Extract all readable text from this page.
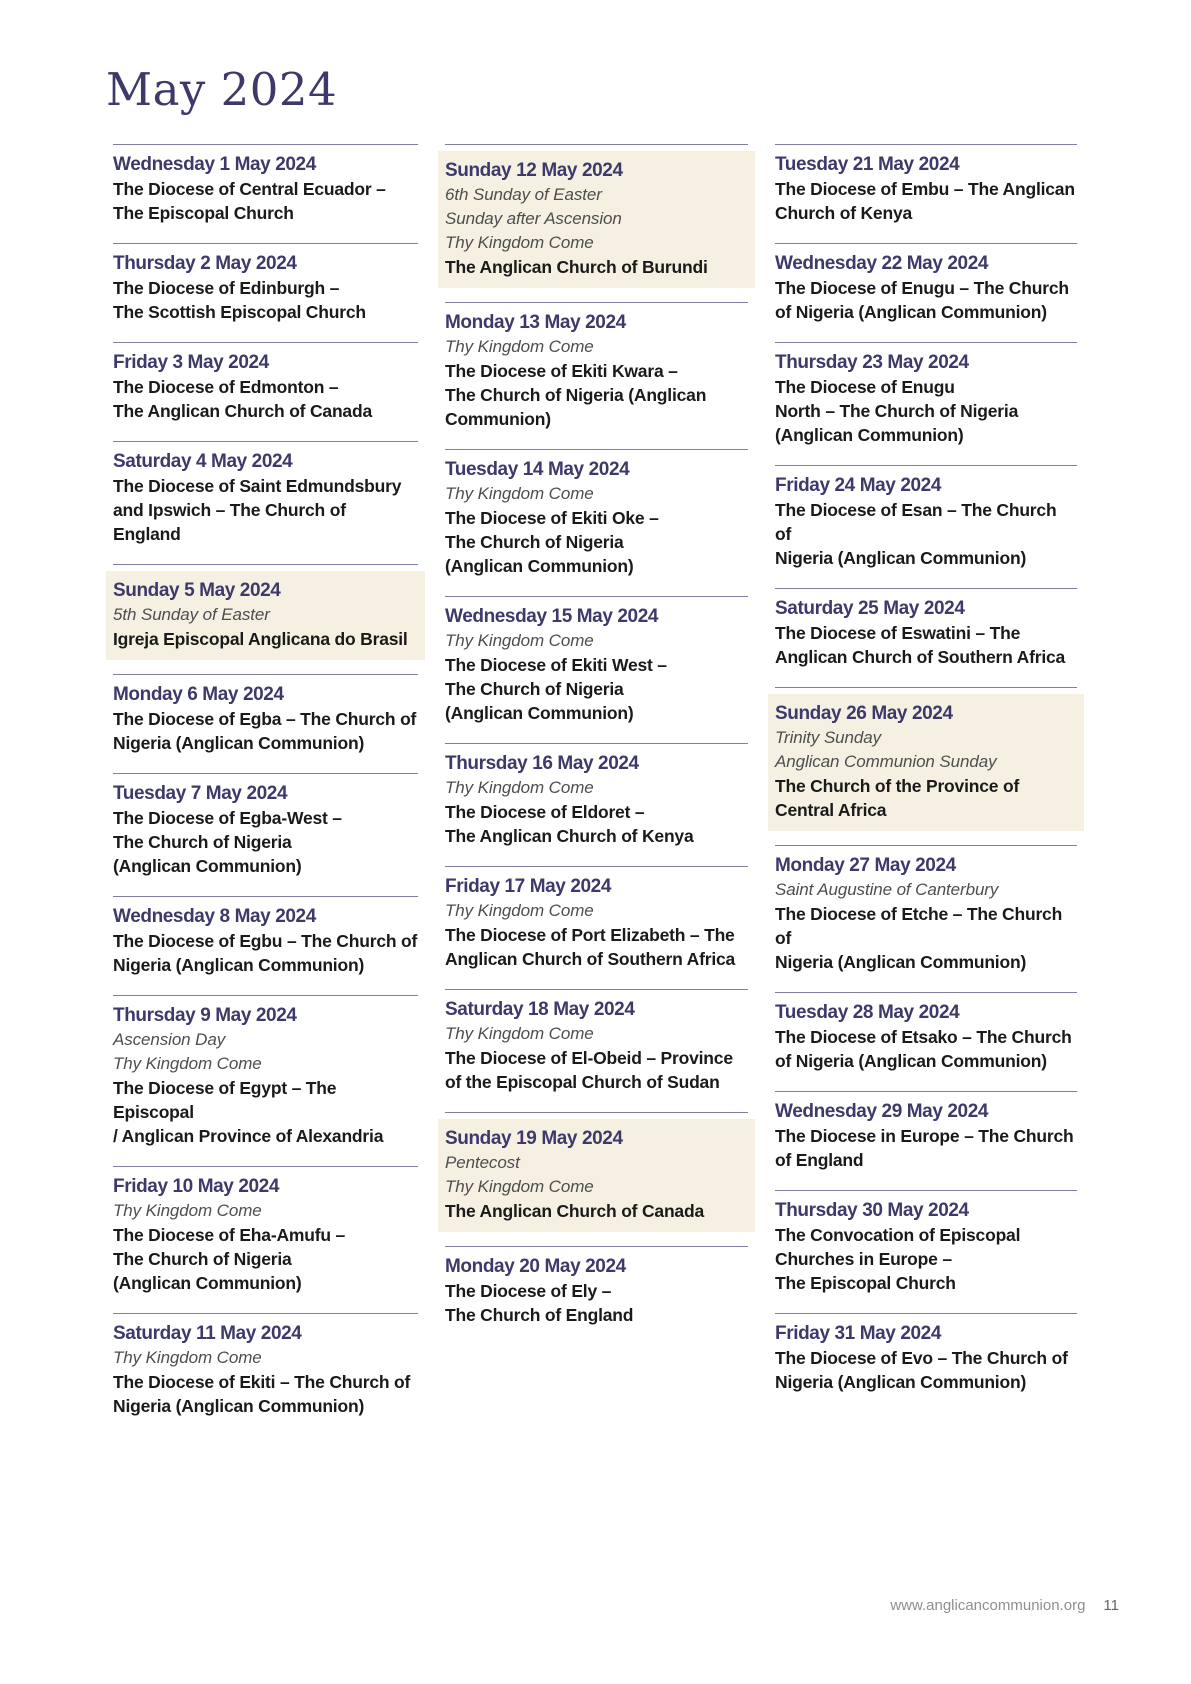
May 2024
Wednesday 1 May 2024
The Diocese of Central Ecuador –
The Episcopal Church
Thursday 2 May 2024
The Diocese of Edinburgh –
The Scottish Episcopal Church
Friday 3 May 2024
The Diocese of Edmonton –
The Anglican Church of Canada
Saturday 4 May 2024
The Diocese of Saint Edmundsbury
and Ipswich – The Church of England
Sunday 5 May 2024
5th Sunday of Easter
Igreja Episcopal Anglicana do Brasil
Monday 6 May 2024
The Diocese of Egba – The Church of
Nigeria (Anglican Communion)
Tuesday 7 May 2024
The Diocese of Egba-West –
The Church of Nigeria
(Anglican Communion)
Wednesday 8 May 2024
The Diocese of Egbu – The Church of
Nigeria (Anglican Communion)
Thursday 9 May 2024
Ascension Day
Thy Kingdom Come
The Diocese of Egypt – The Episcopal
/ Anglican Province of Alexandria
Friday 10 May 2024
Thy Kingdom Come
The Diocese of Eha-Amufu –
The Church of Nigeria
(Anglican Communion)
Saturday 11 May 2024
Thy Kingdom Come
The Diocese of Ekiti – The Church of
Nigeria (Anglican Communion)
Sunday 12 May 2024
6th Sunday of Easter
Sunday after Ascension
Thy Kingdom Come
The Anglican Church of Burundi
Monday 13 May 2024
Thy Kingdom Come
The Diocese of Ekiti Kwara –
The Church of Nigeria (Anglican
Communion)
Tuesday 14 May 2024
Thy Kingdom Come
The Diocese of Ekiti Oke –
The Church of Nigeria
(Anglican Communion)
Wednesday 15 May 2024
Thy Kingdom Come
The Diocese of Ekiti West –
The Church of Nigeria
(Anglican Communion)
Thursday 16 May 2024
Thy Kingdom Come
The Diocese of Eldoret –
The Anglican Church of Kenya
Friday 17 May 2024
Thy Kingdom Come
The Diocese of Port Elizabeth – The
Anglican Church of Southern Africa
Saturday 18 May 2024
Thy Kingdom Come
The Diocese of El-Obeid – Province
of the Episcopal Church of Sudan
Sunday 19 May 2024
Pentecost
Thy Kingdom Come
The Anglican Church of Canada
Monday 20 May 2024
The Diocese of Ely –
The Church of England
Tuesday 21 May 2024
The Diocese of Embu – The Anglican
Church of Kenya
Wednesday 22 May 2024
The Diocese of Enugu – The Church
of Nigeria (Anglican Communion)
Thursday 23 May 2024
The Diocese of Enugu
North – The Church of Nigeria
(Anglican Communion)
Friday 24 May 2024
The Diocese of Esan – The Church of
Nigeria (Anglican Communion)
Saturday 25 May 2024
The Diocese of Eswatini – The
Anglican Church of Southern Africa
Sunday 26 May 2024
Trinity Sunday
Anglican Communion Sunday
The Church of the Province of
Central Africa
Monday 27 May 2024
Saint Augustine of Canterbury
The Diocese of Etche – The Church of
Nigeria (Anglican Communion)
Tuesday 28 May 2024
The Diocese of Etsako – The Church
of Nigeria (Anglican Communion)
Wednesday 29 May 2024
The Diocese in Europe – The Church
of England
Thursday 30 May 2024
The Convocation of Episcopal
Churches in Europe –
The Episcopal Church
Friday 31 May 2024
The Diocese of Evo – The Church of
Nigeria (Anglican Communion)
www.anglicancommunion.org 11
